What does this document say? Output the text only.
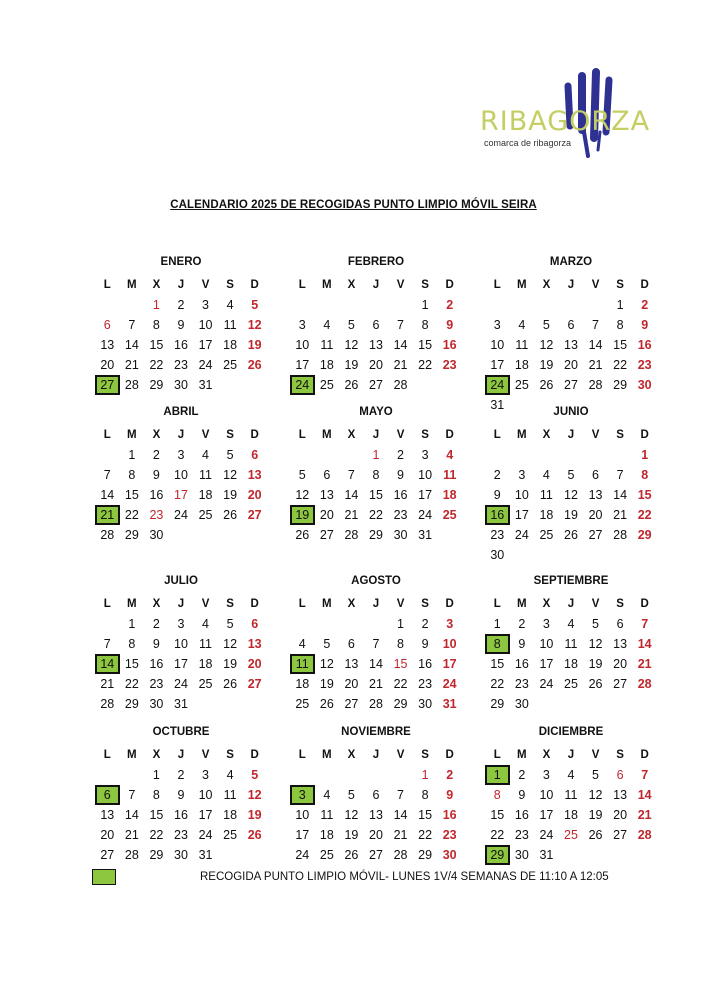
RIBAGORZA
comarca de ribagorza
CALENDARIO 2025 DE RECOGIDAS PUNTO LIMPIO MÓVIL SEIRA
ENERO
L	M	X	J	V	S	D
		1	2	3	4	5
6	7	8	9	10	11	12
13	14	15	16	17	18	19
20	21	22	23	24	25	26
27	28	29	30	31		
FEBRERO
L	M	X	J	V	S	D
					1	2
3	4	5	6	7	8	9
10	11	12	13	14	15	16
17	18	19	20	21	22	23
24	25	26	27	28		
MARZO
L	M	X	J	V	S	D
					1	2
3	4	5	6	7	8	9
10	11	12	13	14	15	16
17	18	19	20	21	22	23
24	25	26	27	28	29	30
31						
ABRIL
L	M	X	J	V	S	D
	1	2	3	4	5	6
7	8	9	10	11	12	13
14	15	16	17	18	19	20
21	22	23	24	25	26	27
28	29	30				
MAYO
L	M	X	J	V	S	D
			1	2	3	4
5	6	7	8	9	10	11
12	13	14	15	16	17	18
19	20	21	22	23	24	25
26	27	28	29	30	31	
JUNIO
L	M	X	J	V	S	D
						1
2	3	4	5	6	7	8
9	10	11	12	13	14	15
16	17	18	19	20	21	22
23	24	25	26	27	28	29
30						
JULIO
L	M	X	J	V	S	D
	1	2	3	4	5	6
7	8	9	10	11	12	13
14	15	16	17	18	19	20
21	22	23	24	25	26	27
28	29	30	31			
AGOSTO
L	M	X	J	V	S	D
				1	2	3
4	5	6	7	8	9	10
11	12	13	14	15	16	17
18	19	20	21	22	23	24
25	26	27	28	29	30	31
SEPTIEMBRE
L	M	X	J	V	S	D
1	2	3	4	5	6	7
8	9	10	11	12	13	14
15	16	17	18	19	20	21
22	23	24	25	26	27	28
29	30					
OCTUBRE
L	M	X	J	V	S	D
		1	2	3	4	5
6	7	8	9	10	11	12
13	14	15	16	17	18	19
20	21	22	23	24	25	26
27	28	29	30	31		
NOVIEMBRE
L	M	X	J	V	S	D
					1	2
3	4	5	6	7	8	9
10	11	12	13	14	15	16
17	18	19	20	21	22	23
24	25	26	27	28	29	30
DICIEMBRE
L	M	X	J	V	S	D
1	2	3	4	5	6	7
8	9	10	11	12	13	14
15	16	17	18	19	20	21
22	23	24	25	26	27	28
29	30	31				
RECOGIDA PUNTO LIMPIO MÓVIL- LUNES 1V/4 SEMANAS DE 11:10 A 12:05
